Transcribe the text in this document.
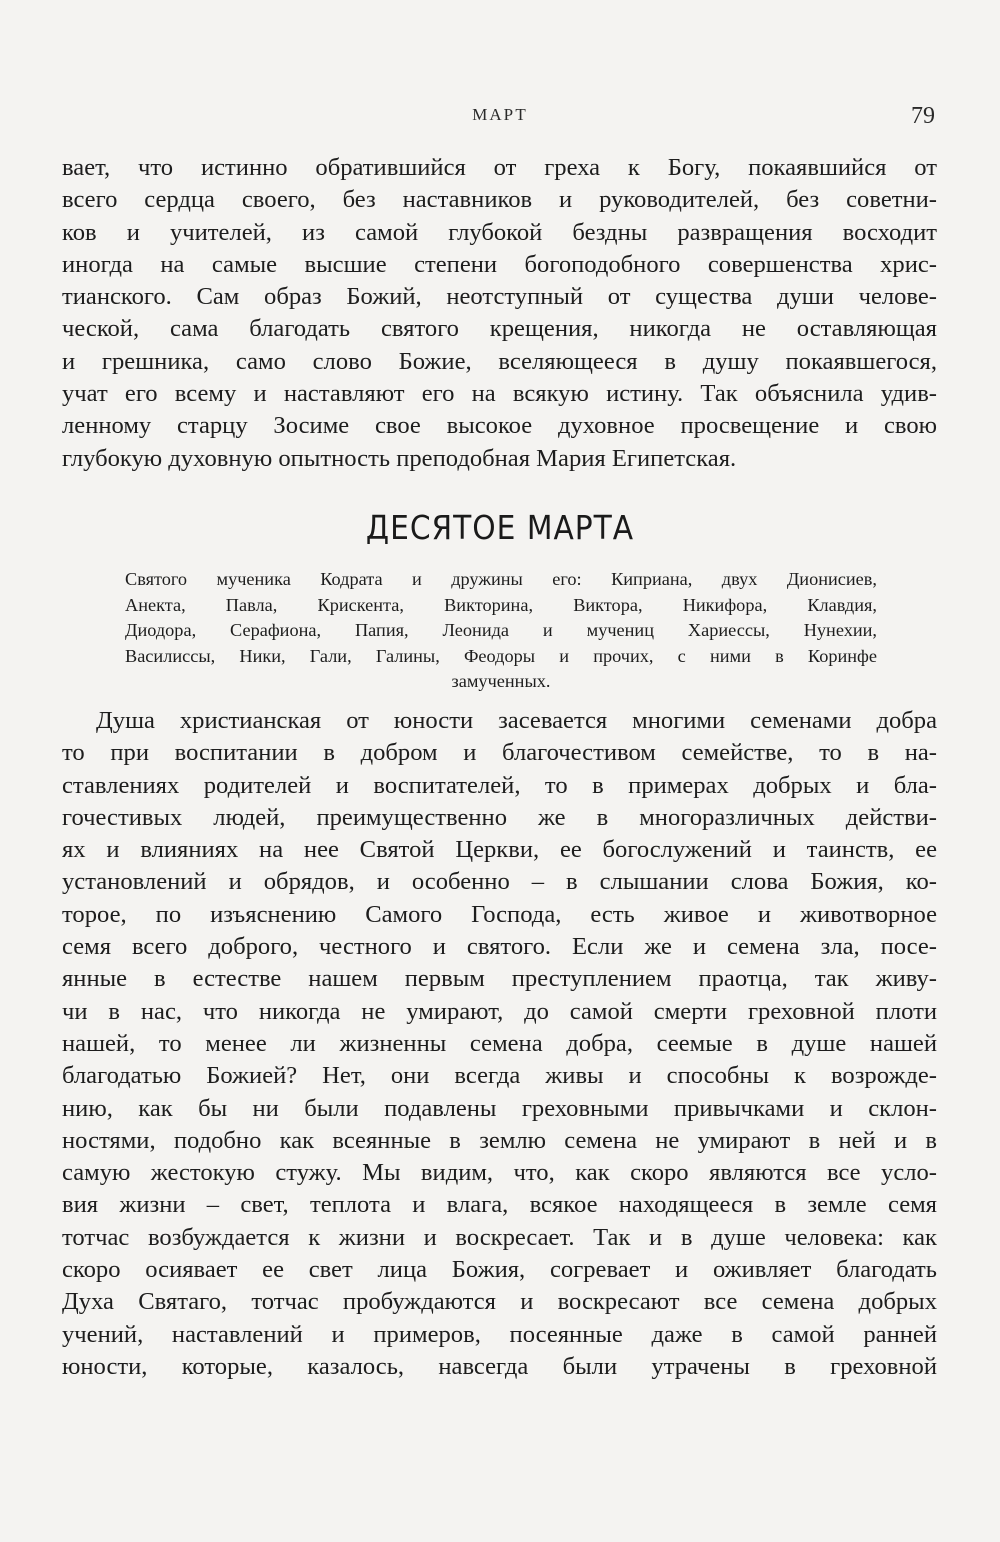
МАРТ	79
вает, что истинно обратившийся от греха к Богу, покаявшийся от
всего сердца своего, без наставников и руководителей, без советни-
ков и учителей, из самой глубокой бездны развращения восходит
иногда на самые высшие степени богоподобного совершенства хрис-
тианского. Сам образ Божий, неотступный от существа души челове-
ческой, сама благодать святого крещения, никогда не оставляющая
и грешника, само слово Божие, вселяющееся в душу покаявшегося,
учат его всему и наставляют его на всякую истину. Так объяснила удив-
ленному старцу Зосиме свое высокое духовное просвещение и свою
глубокую духовную опытность преподобная Мария Египетская.
ДЕСЯТОЕ МАРТА
Святого мученика Кодрата и дружины его: Киприана, двух Дионисиев,
Анекта, Павла, Крискента, Викторина, Виктора, Никифора, Клавдия,
Диодора, Серафиона, Папия, Леонида и мучениц Хариессы, Нунехии,
Василиссы, Ники, Гали, Галины, Феодоры и прочих, с ними в Коринфе
замученных.
Душа христианская от юности засевается многими семенами добра
то при воспитании в добром и благочестивом семействе, то в на-
ставлениях родителей и воспитателей, то в примерах добрых и бла-
гочестивых людей, преимущественно же в многоразличных действи-
ях и влияниях на нее Святой Церкви, ее богослужений и таинств, ее
установлений и обрядов, и особенно – в слышании слова Божия, ко-
торое, по изъяснению Самого Господа, есть живое и животворное
семя всего доброго, честного и святого. Если же и семена зла, посе-
янные в естестве нашем первым преступлением праотца, так живу-
чи в нас, что никогда не умирают, до самой смерти греховной плоти
нашей, то менее ли жизненны семена добра, сеемые в душе нашей
благодатью Божией? Нет, они всегда живы и способны к возрожде-
нию, как бы ни были подавлены греховными привычками и склон-
ностями, подобно как всеянные в землю семена не умирают в ней и в
самую жестокую стужу. Мы видим, что, как скоро являются все усло-
вия жизни – свет, теплота и влага, всякое находящееся в земле семя
тотчас возбуждается к жизни и воскресает. Так и в душе человека: как
скоро осиявает ее свет лица Божия, согревает и оживляет благодать
Духа Святаго, тотчас пробуждаются и воскресают все семена добрых
учений, наставлений и примеров, посеянные даже в самой ранней
юности, которые, казалось, навсегда были утрачены в греховной
